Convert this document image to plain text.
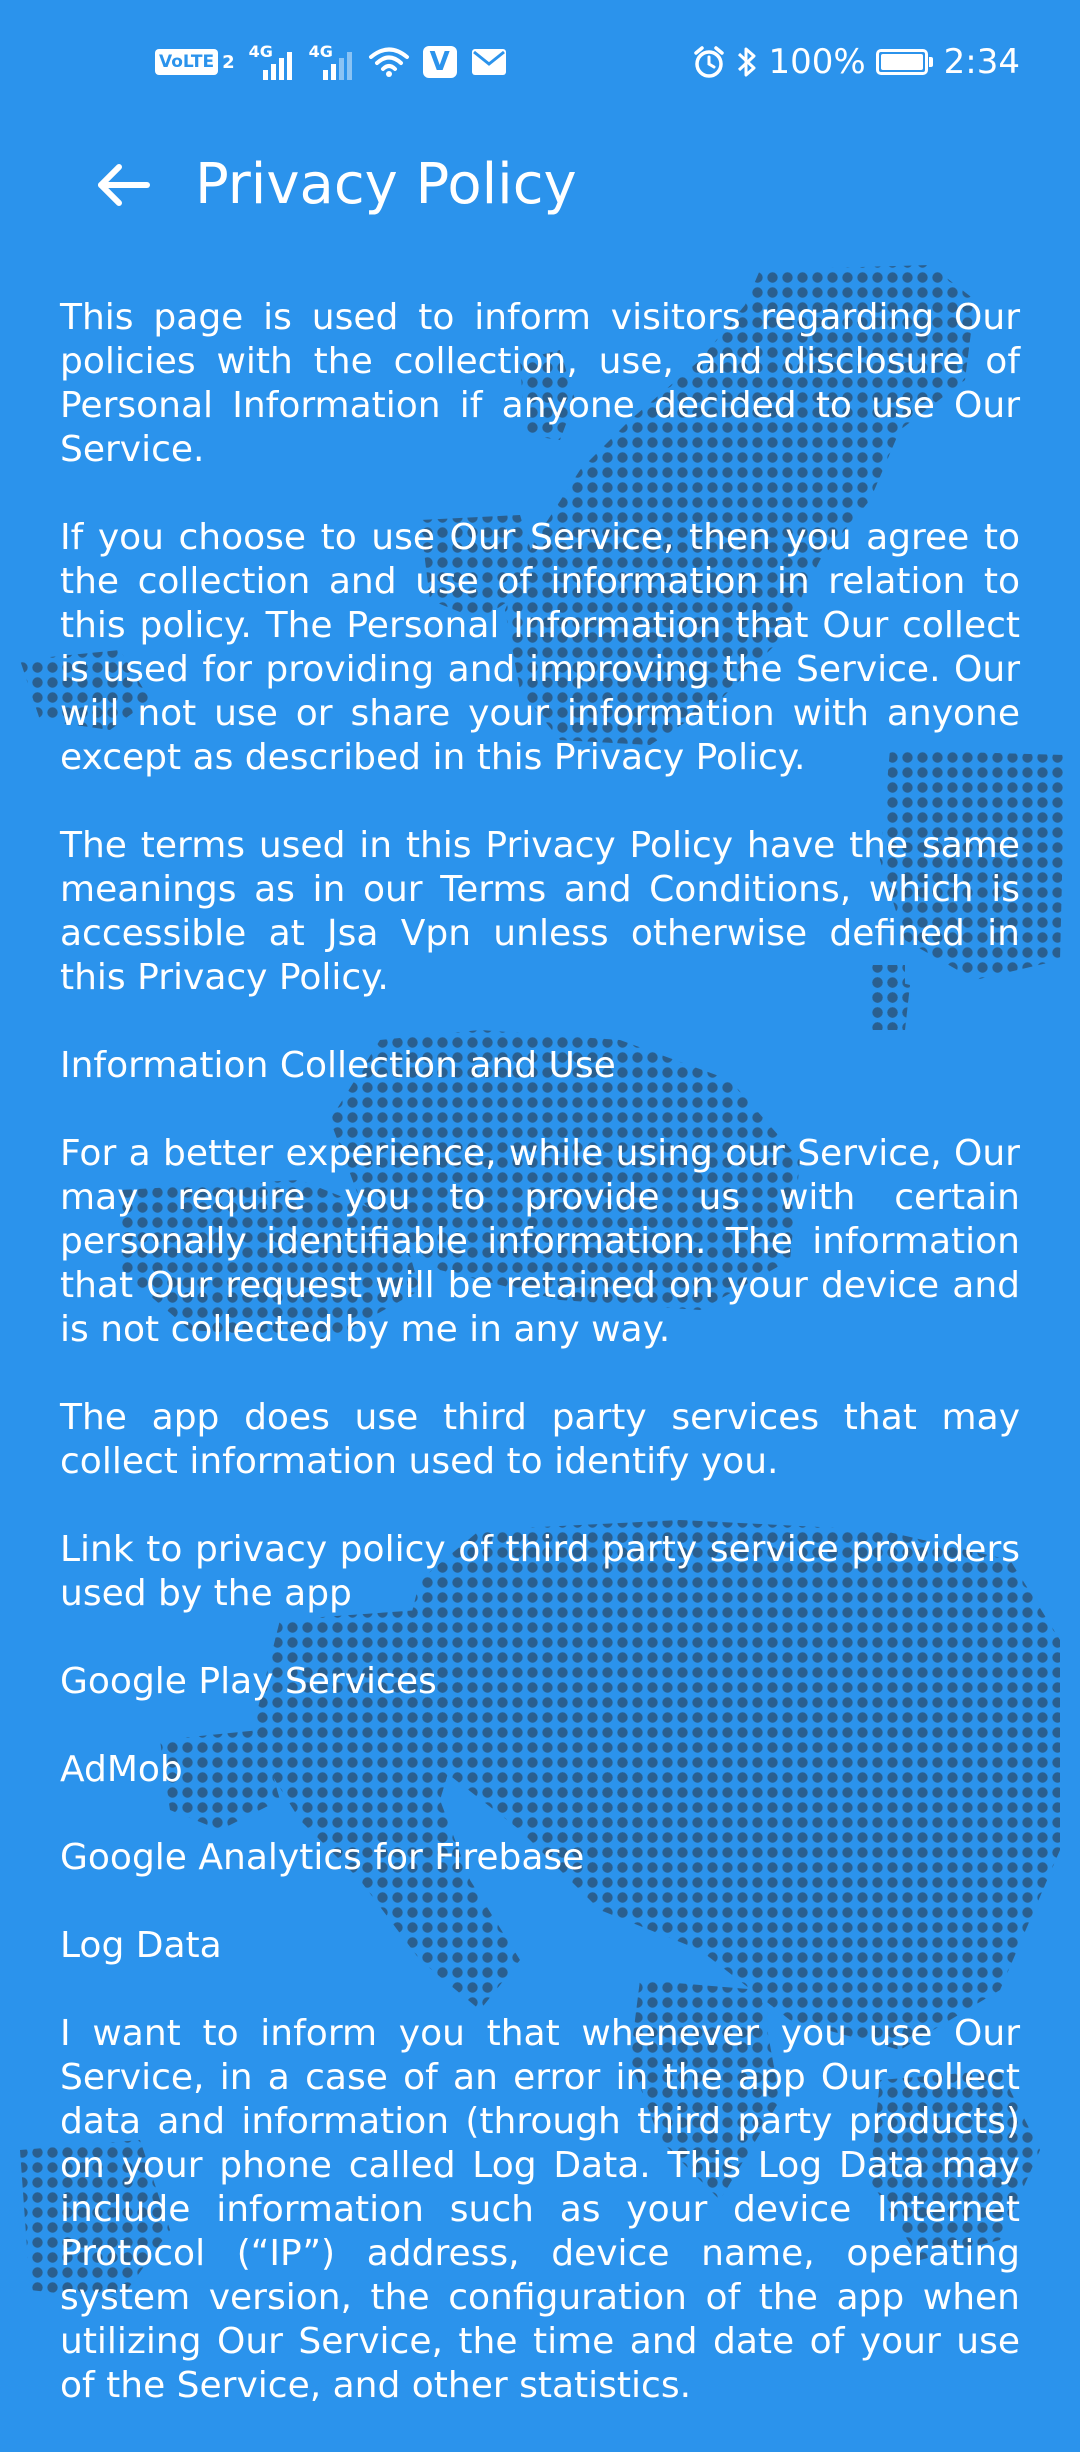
VoLTE 2 4G 4G	V	100% 2:34
Privacy Policy

This page is used to inform visitors regarding Our policies with the collection, use, and disclosure of Personal Information if anyone decided to use Our Service.

If you choose to use Our Service, then you agree to the collection and use of information in relation to this policy. The Personal Information that Our collect is used for providing and improving the Service. Our will not use or share your information with anyone except as described in this Privacy Policy.

The terms used in this Privacy Policy have the same meanings as in our Terms and Conditions, which is accessible at Jsa Vpn unless otherwise defined in this Privacy Policy.

Information Collection and Use

For a better experience, while using our Service, Our may require you to provide us with certain personally identifiable information. The information that Our request will be retained on your device and is not collected by me in any way.

The app does use third party services that may collect information used to identify you.

Link to privacy policy of third party service providers used by the app

Google Play Services

AdMob

Google Analytics for Firebase

Log Data

I want to inform you that whenever you use Our Service, in a case of an error in the app Our collect data and information (through third party products) on your phone called Log Data. This Log Data may include information such as your device Internet Protocol (“IP”) address, device name, operating system version, the configuration of the app when utilizing Our Service, the time and date of your use of the Service, and other statistics.
